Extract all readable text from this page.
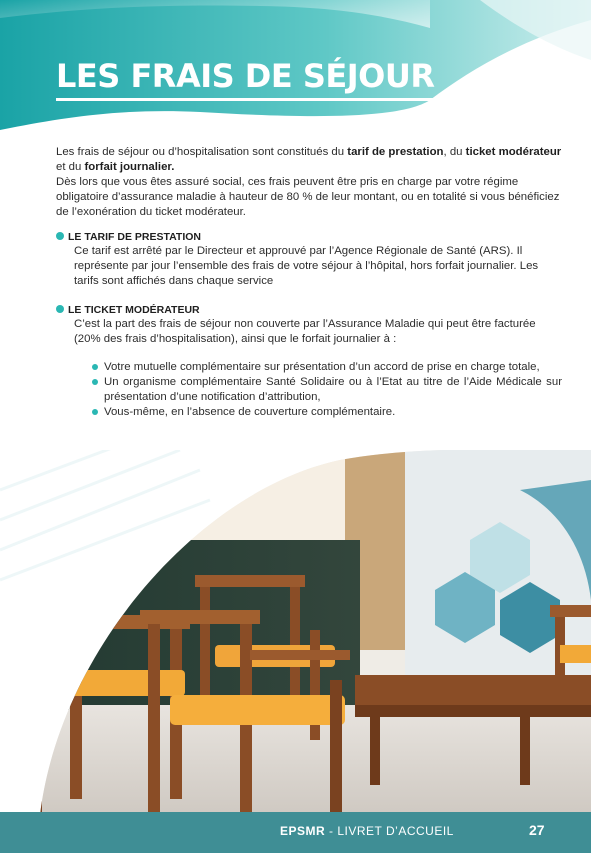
LES FRAIS DE SÉJOUR
Les frais de séjour ou d’hospitalisation sont constitués du tarif de prestation, du ticket modérateur et du forfait journalier.
Dès lors que vous êtes assuré social, ces frais peuvent être pris en charge par votre régime obligatoire d’assurance maladie à hauteur de 80 % de leur montant, ou en totalité si vous bénéficiez de l’exonération du ticket modérateur.
LE TARIF DE PRESTATION
Ce tarif est arrêté par le Directeur et approuvé par l’Agence Régionale de Santé (ARS). Il représente par jour l’ensemble des frais de votre séjour à l’hôpital, hors forfait journalier. Les tarifs sont affichés dans chaque service
LE TICKET MODÉRATEUR
C’est la part des frais de séjour non couverte par l’Assurance Maladie qui peut être facturée (20% des frais d’hospitalisation), ainsi que le forfait journalier à :
Votre mutuelle complémentaire sur présentation d’un accord de prise en charge totale,
Un organisme complémentaire Santé Solidaire ou à l’Etat au titre de l’Aide Médicale sur présentation d’une notification d’attribution,
Vous-même, en l’absence de couverture complémentaire.
EPSMR - LIVRET D’ACCUEIL	27
